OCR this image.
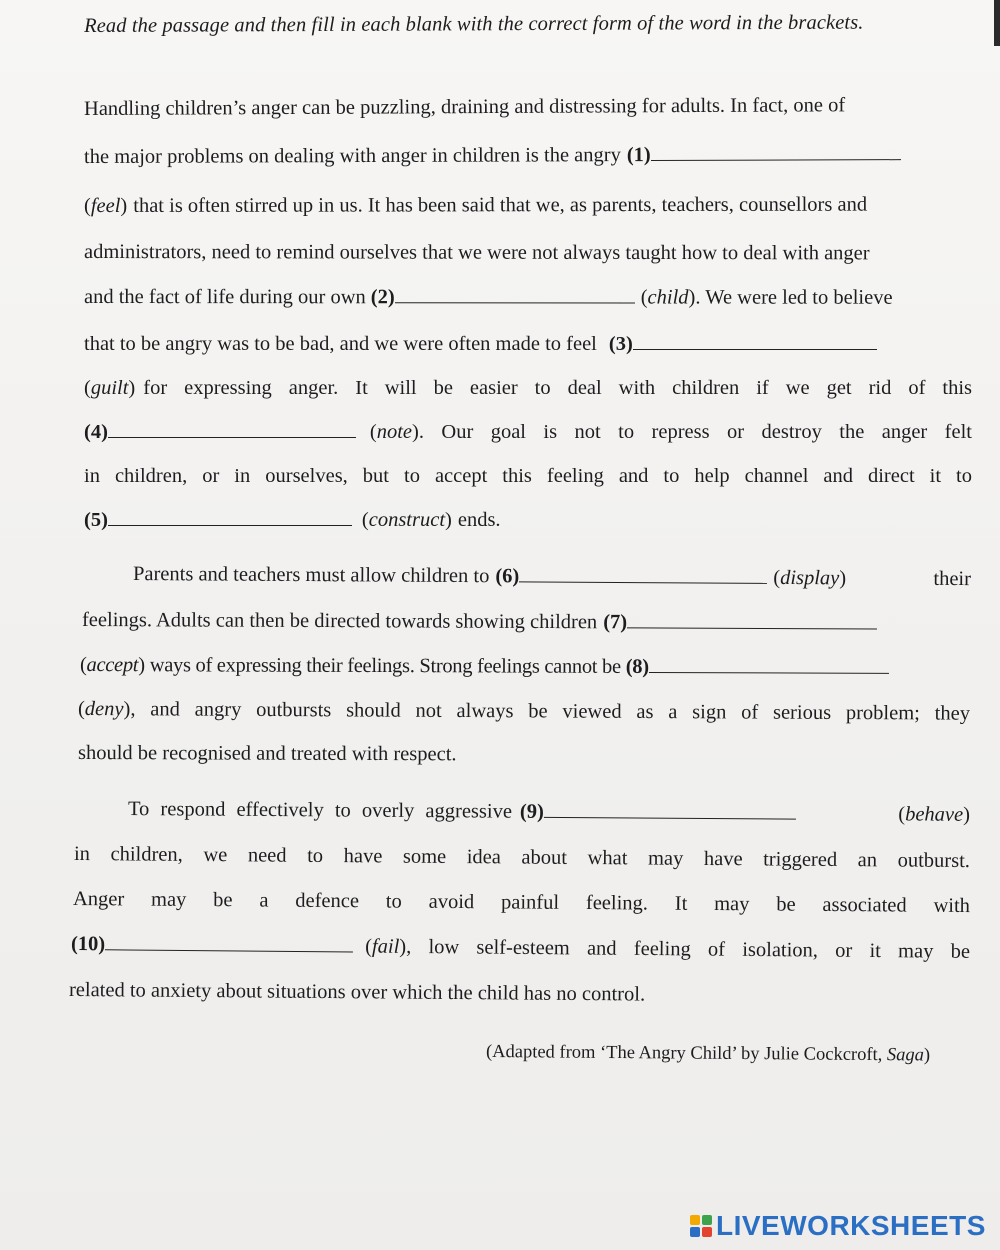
Read the passage and then fill in each blank with the correct form of the word in the brackets.
Handling children’s anger can be puzzling, draining and distressing for adults. In fact, one of
the major problems on dealing with anger in children is the angry (1)
( feel ) that is often stirred up in us. It has been said that we, as parents, teachers, counsellors and
administrators, need to remind ourselves that we were not always taught how to deal with anger
and the fact of life during our own (2)	( child ) . We were led to believe
that to be angry was to be bad, and we were often made to feel (3)
(guilt) for expressing anger. It will be easier to deal with children if we get rid of this
(4)	( note ) . Our goal is not to repress or destroy the anger felt
in children, or in ourselves, but to accept this feeling and to help channel and direct it to
(5)	( construct ) ends.
Parents and teachers must allow children to (6)	( display )	their
feelings. Adults can then be directed towards showing children (7)
( accept ) ways of expressing their feelings. Strong feelings cannot be (8)
( deny ) , and angry outbursts should not always be viewed as a sign of serious problem; they
should be recognised and treated with respect.
To respond effectively to overly aggressive (9)	(behave)
in children, we need to have some idea about what may have triggered an outburst.
Anger may be a defence to avoid painful feeling. It may be associated with
(10)	( fail ) , low self-esteem and feeling of isolation, or it may be
related to anxiety about situations over which the child has no control.
(Adapted from ‘The Angry Child’ by Julie Cockcroft, Saga)
LIVEWORKSHEETS
